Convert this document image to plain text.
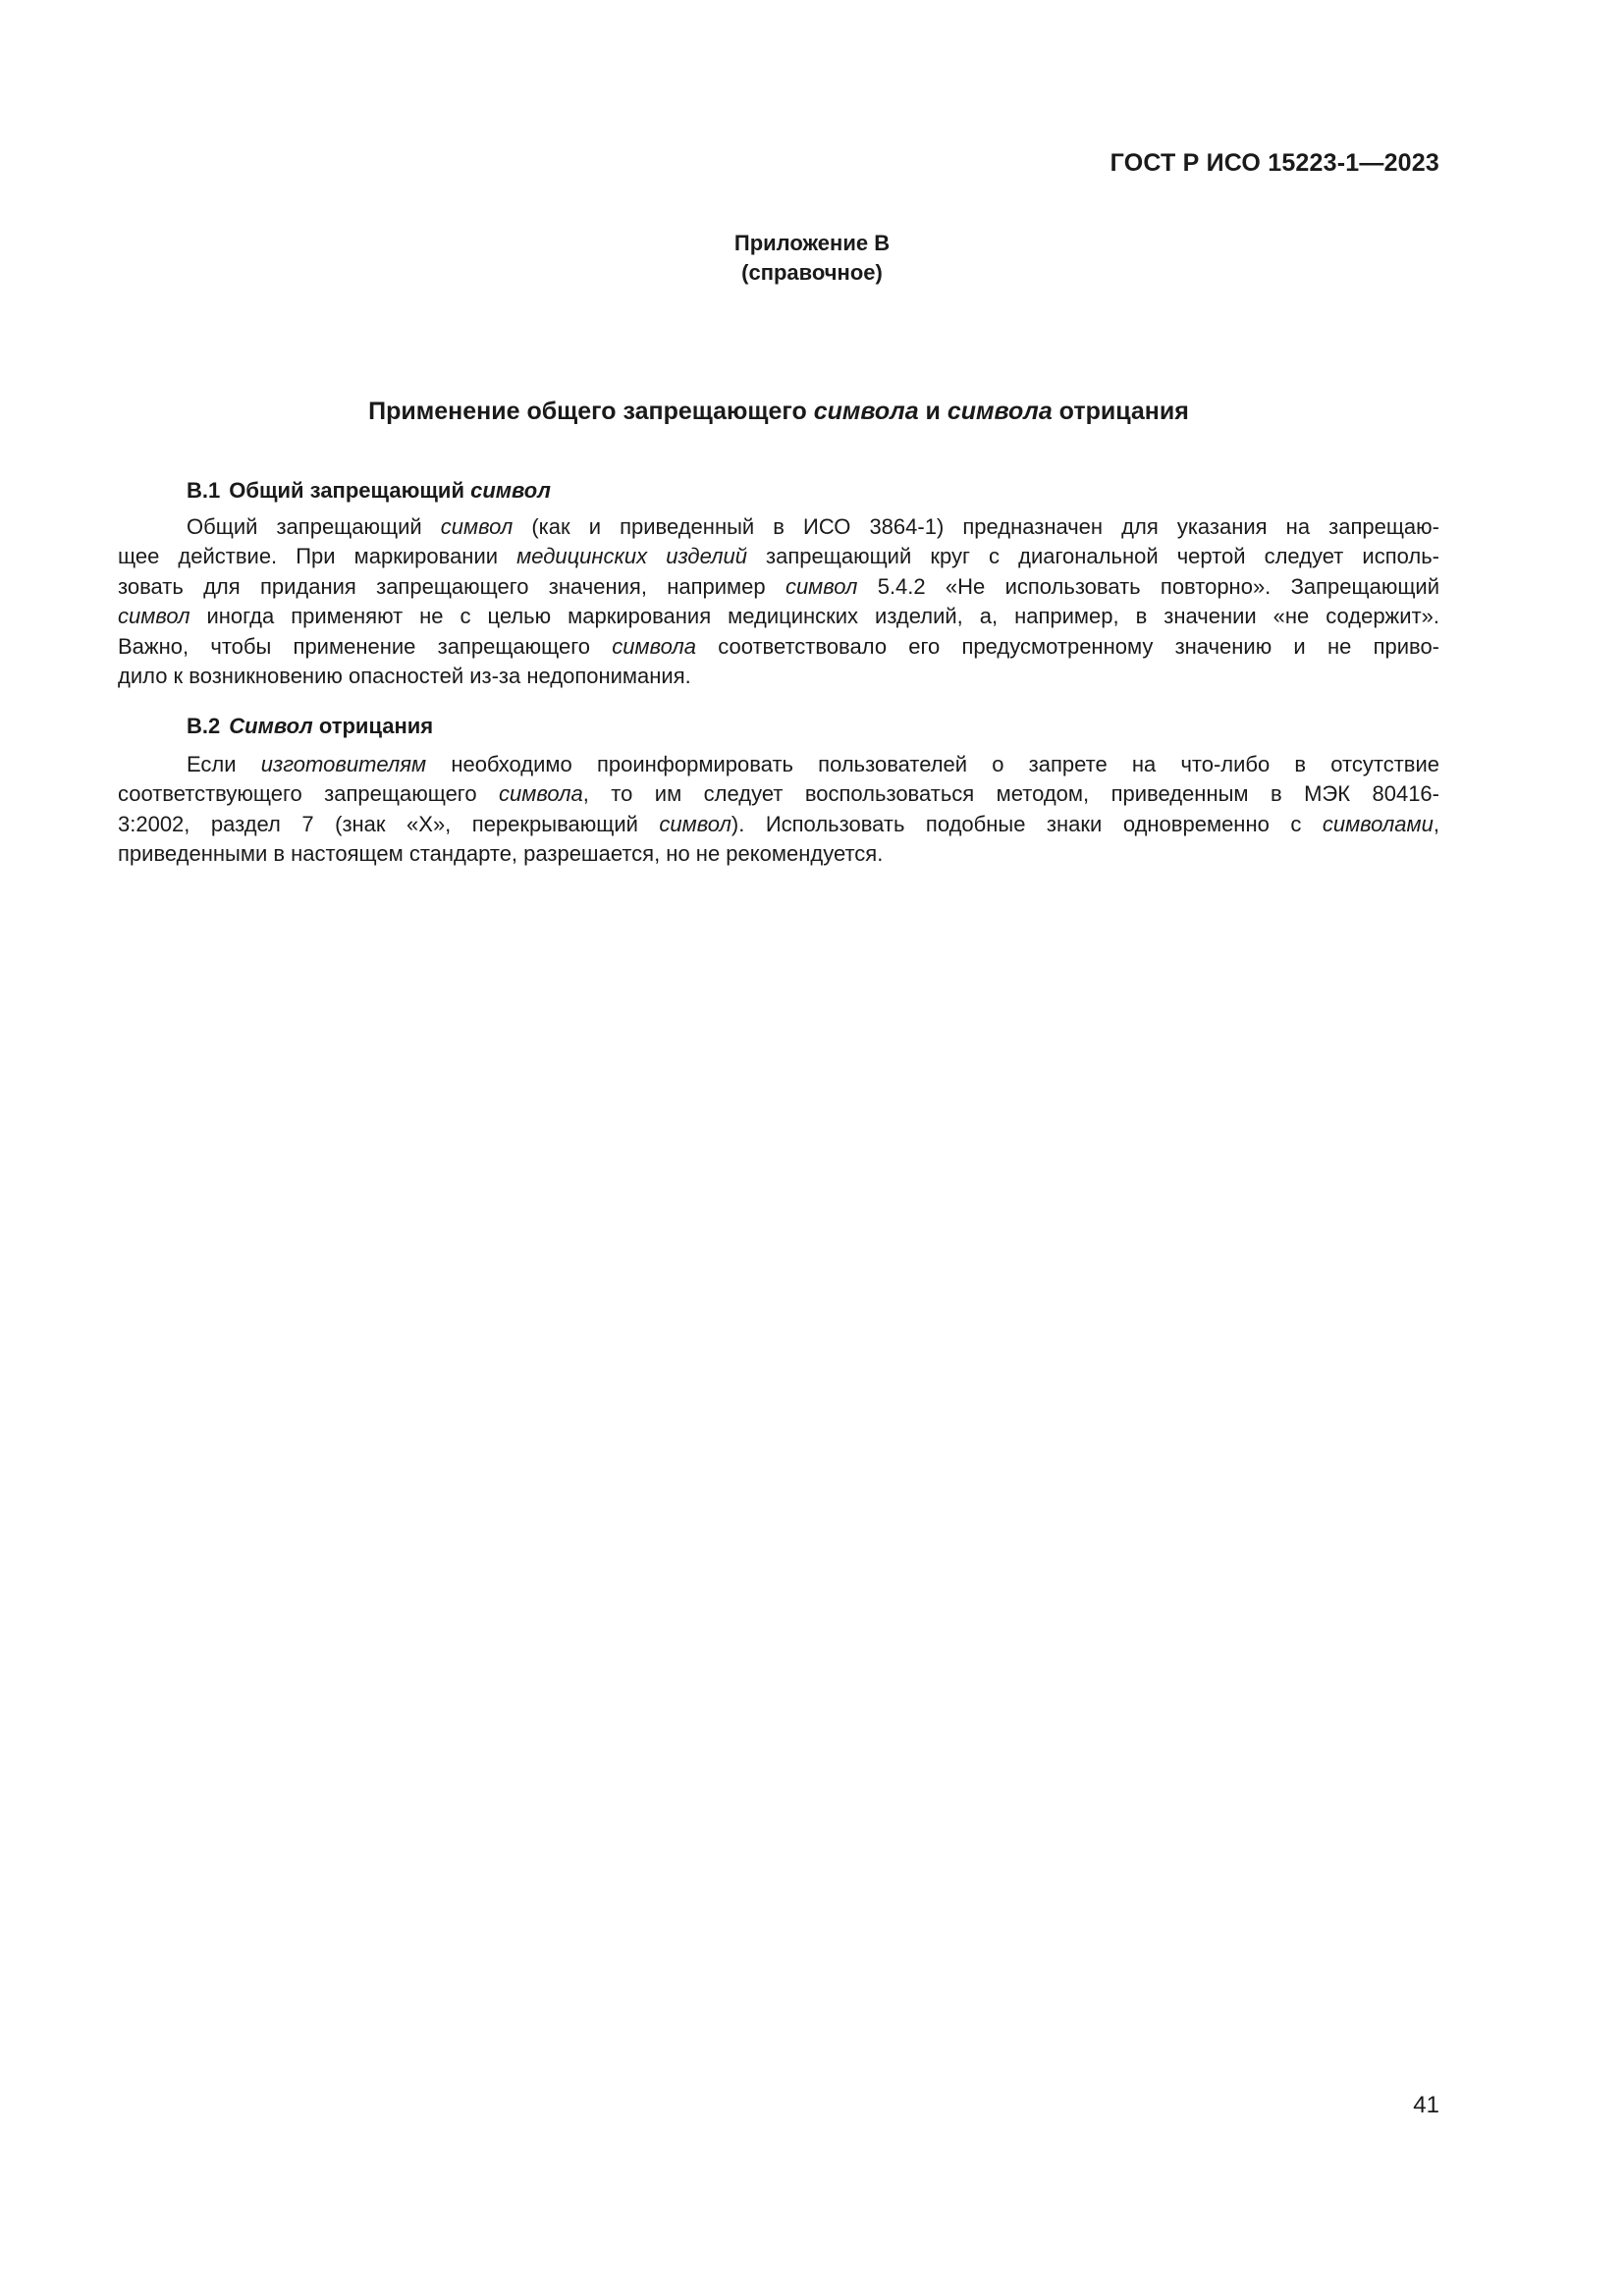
ГОСТ Р ИСО 15223-1—2023
Приложение В
(справочное)
Применение общего запрещающего символа и символа отрицания
В.1 Общий запрещающий символ
Общий запрещающий символ (как и приведенный в ИСО 3864-1) предназначен для указания на запрещаю-
щее действие. При маркировании медицинских изделий запрещающий круг с диагональной чертой следует исполь-
зовать для придания запрещающего значения, например символ 5.4.2 «Не использовать повторно». Запрещающий
символ иногда применяют не с целью маркирования медицинских изделий, а, например, в значении «не содержит».
Важно, чтобы применение запрещающего символа соответствовало его предусмотренному значению и не приво-
дило к возникновению опасностей из-за недопонимания.
В.2 Символ отрицания
Если изготовителям необходимо проинформировать пользователей о запрете на что-либо в отсутствие
соответствующего запрещающего символа, то им следует воспользоваться методом, приведенным в МЭК 80416-
3:2002, раздел 7 (знак «X», перекрывающий символ). Использовать подобные знаки одновременно с символами,
приведенными в настоящем стандарте, разрешается, но не рекомендуется.
41
